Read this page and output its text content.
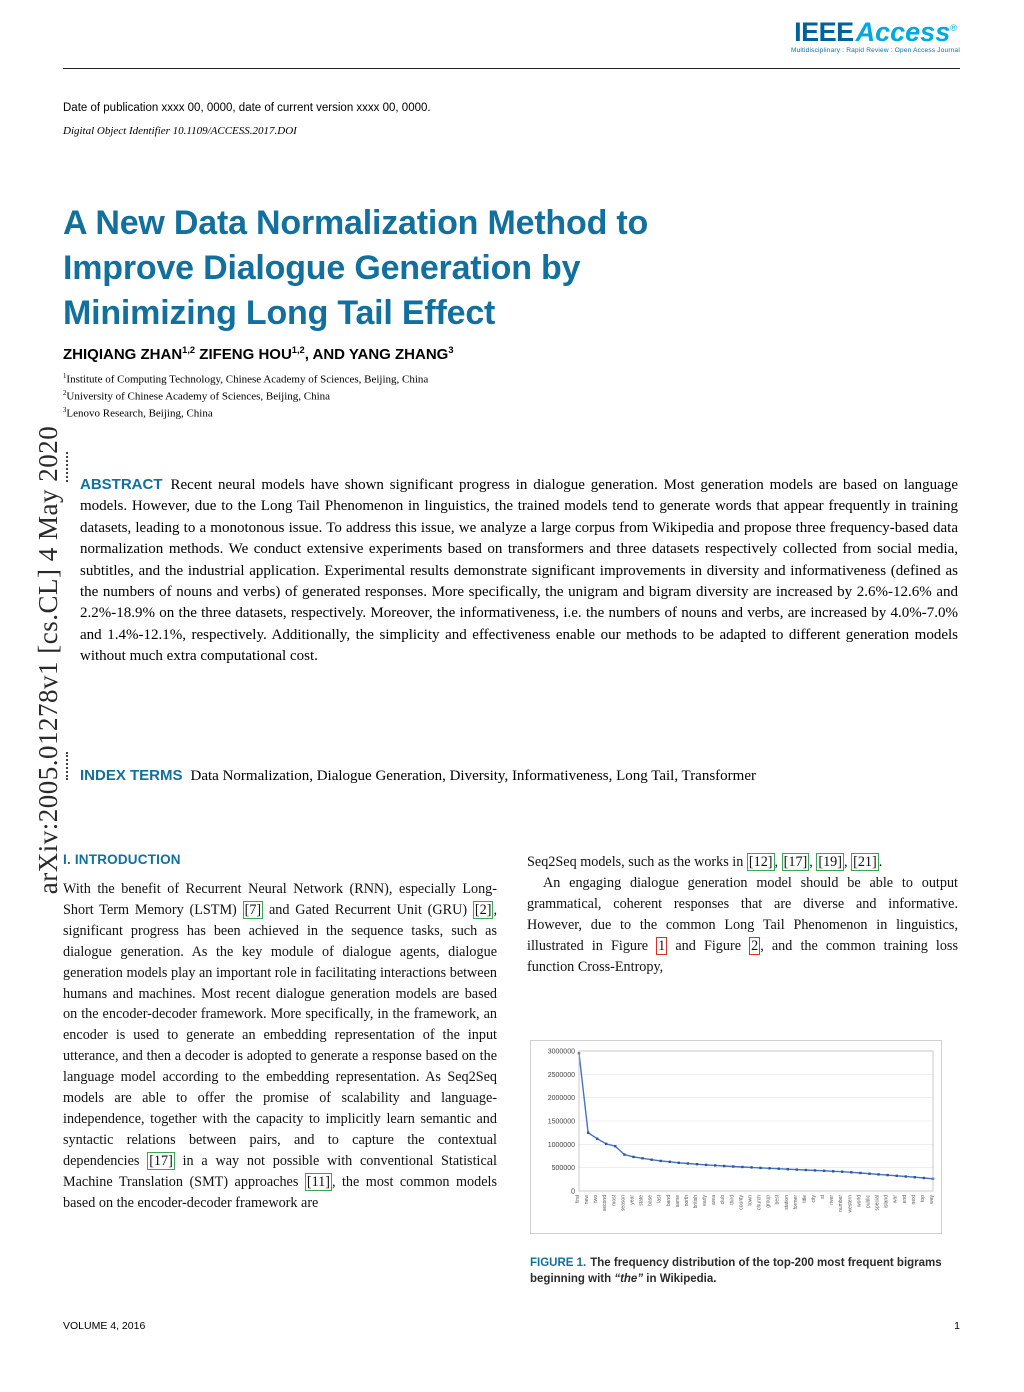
arXiv:2005.01278v1 [cs.CL] 4 May 2020
IEEEAccess®
Multidisciplinary : Rapid Review : Open Access Journal
Date of publication xxxx 00, 0000, date of current version xxxx 00, 0000.
Digital Object Identifier 10.1109/ACCESS.2017.DOI
A New Data Normalization Method to
Improve Dialogue Generation by
Minimizing Long Tail Effect
ZHIQIANG ZHAN$^{1,2}$ ZIFENG HOU$^{1,2}$, AND YANG ZHANG$^3$
$^1$Institute of Computing Technology, Chinese Academy of Sciences, Beijing, China
$^2$University of Chinese Academy of Sciences, Beijing, China
$^3$Lenovo Research, Beijing, China
ABSTRACT Recent neural models have shown significant progress in dialogue generation. Most generation models are based on language models. However, due to the Long Tail Phenomenon in linguistics, the trained models tend to generate words that appear frequently in training datasets, leading to a monotonous issue. To address this issue, we analyze a large corpus from Wikipedia and propose three frequency-based data normalization methods. We conduct extensive experiments based on transformers and three datasets respectively collected from social media, subtitles, and the industrial application. Experimental results demonstrate significant improvements in diversity and informativeness (defined as the numbers of nouns and verbs) of generated responses. More specifically, the unigram and bigram diversity are increased by 2.6%-12.6% and 2.2%-18.9% on the three datasets, respectively. Moreover, the informativeness, i.e. the numbers of nouns and verbs, are increased by 4.0%-7.0% and 1.4%-12.1%, respectively. Additionally, the simplicity and effectiveness enable our methods to be adapted to different generation models without much extra computational cost.
INDEX TERMS Data Normalization, Dialogue Generation, Diversity, Informativeness, Long Tail, Transformer
I. INTRODUCTION

With the benefit of Recurrent Neural Network (RNN), especially Long-Short Term Memory (LSTM) [7] and Gated Recurrent Unit (GRU) [2] , significant progress has been achieved in the sequence tasks, such as dialogue generation. As the key module of dialogue agents, dialogue generation models play an important role in facilitating interactions between humans and machines. Most recent dialogue generation models are based on the encoder-decoder framework. More specifically, in the framework, an encoder is used to generate an embedding representation of the input utterance, and then a decoder is adopted to generate a response based on the language model according to the embedding representation. As Seq2Seq models are able to offer the promise of scalability and language-independence, together with the capacity to implicitly learn semantic and syntactic relations between pairs, and to capture the contextual dependencies [17] in a way not possible with conventional Statistical Machine Translation (SMT) approaches [11] , the most common models based on the encoder-decoder framework are

Seq2Seq models, such as the works in [12] , [17] , [19] , [21] .

An engaging dialogue generation model should be able to output grammatical, coherent responses that are diverse and informative. However, due to the common Long Tail Phenomenon in linguistics, illustrated in Figure 1 and Figure 2 , and the common training loss function Cross-Entropy,

0
500000
1000000
1500000
2000000
2500000
3000000
first new two second most season year state base last band same north british early area club third county town church group best station former title city st river number western world public special island war end next top way
FIGURE 1. The frequency distribution of the top-200 most frequent bigrams beginning with “the” in Wikipedia.
VOLUME 4, 2016	1
